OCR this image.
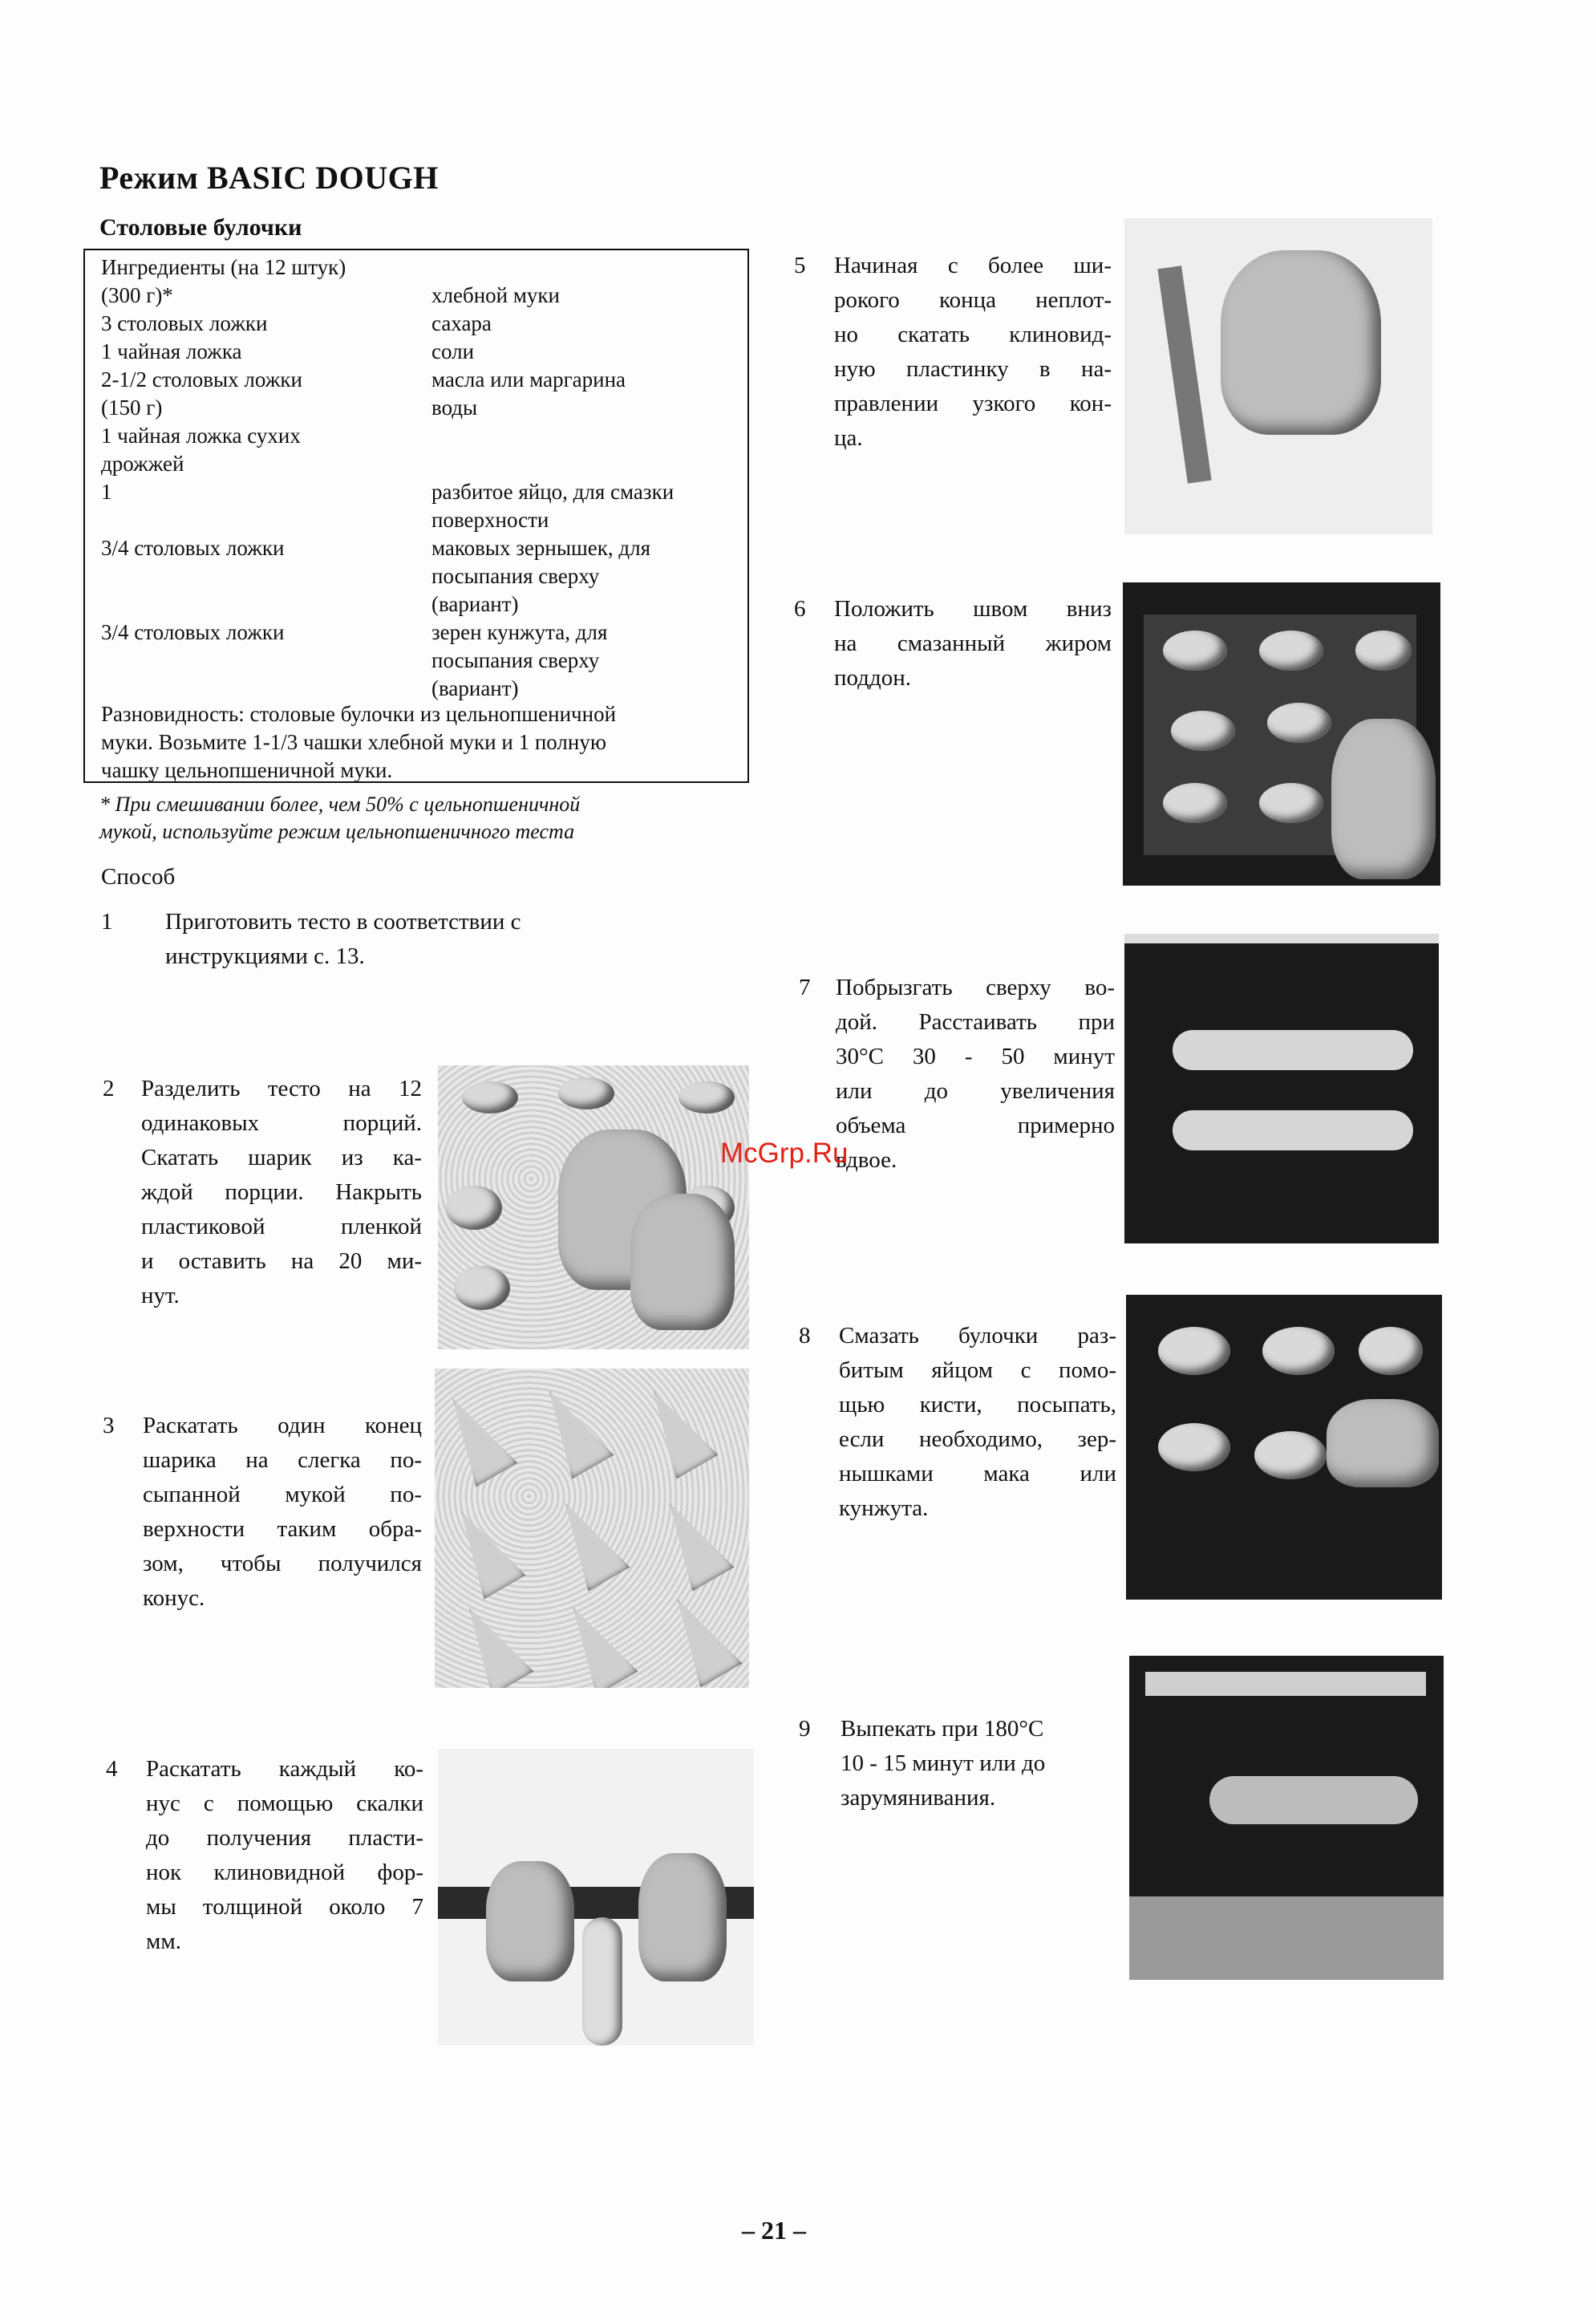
Режим BASIC DOUGH
Столовые булочки
Ингредиенты (на 12 штук)
(300 г)*	хлебной муки
3 столовых ложки	сахара
1 чайная ложка	соли
2-1/2 столовых ложки	масла или маргарина
(150 г)	воды
1 чайная ложка сухих
дрожжей
1	разбитое яйцо, для смазки
поверхности
3/4 столовых ложки	маковых зернышек, для
посыпания сверху
(вариант)
3/4 столовых ложки	зерен кунжута, для
посыпания сверху
(вариант)
Разновидность: столовые булочки из цельнопшеничной
муки. Возьмите 1-1/3 чашки хлебной муки и 1 полную
чашку цельнопшеничной муки.
* При смешивании более, чем 50% с цельнопшеничной
мукой, используйте режим цельнопшеничного теста
Способ
1 Приготовить тесто в соответствии с
инструкциями с. 13.
2 Разделить тесто на 12
одинаковых порций.
Скатать шарик из ка-
ждой порции. Накрыть
пластиковой пленкой
и оставить на 20 ми-
нут.
3 Раскатать один конец
шарика на слегка по-
сыпанной мукой по-
верхности таким обра-
зом, чтобы получился
конус.
4 Раскатать каждый ко-
нус с помощью скалки
до получения пласти-
нок клиновидной фор-
мы толщиной около 7
мм.
5 Начиная с более ши-
рокого конца неплот-
но скатать клиновид-
ную пластинку в на-
правлении узкого кон-
ца.
6 Положить швом вниз
на смазанный жиром
поддон.
7 Побрызгать сверху во-
дой. Расстаивать при
30°C 30 - 50 минут
или до увеличения
объема примерно
вдвое.
8 Смазать булочки раз-
битым яйцом с помо-
щью кисти, посыпать,
если необходимо, зер-
нышками мака или
кунжута.
9 Выпекать при 180°C
10 - 15 минут или до
зарумянивания.
McGrp.Ru
– 21 –
